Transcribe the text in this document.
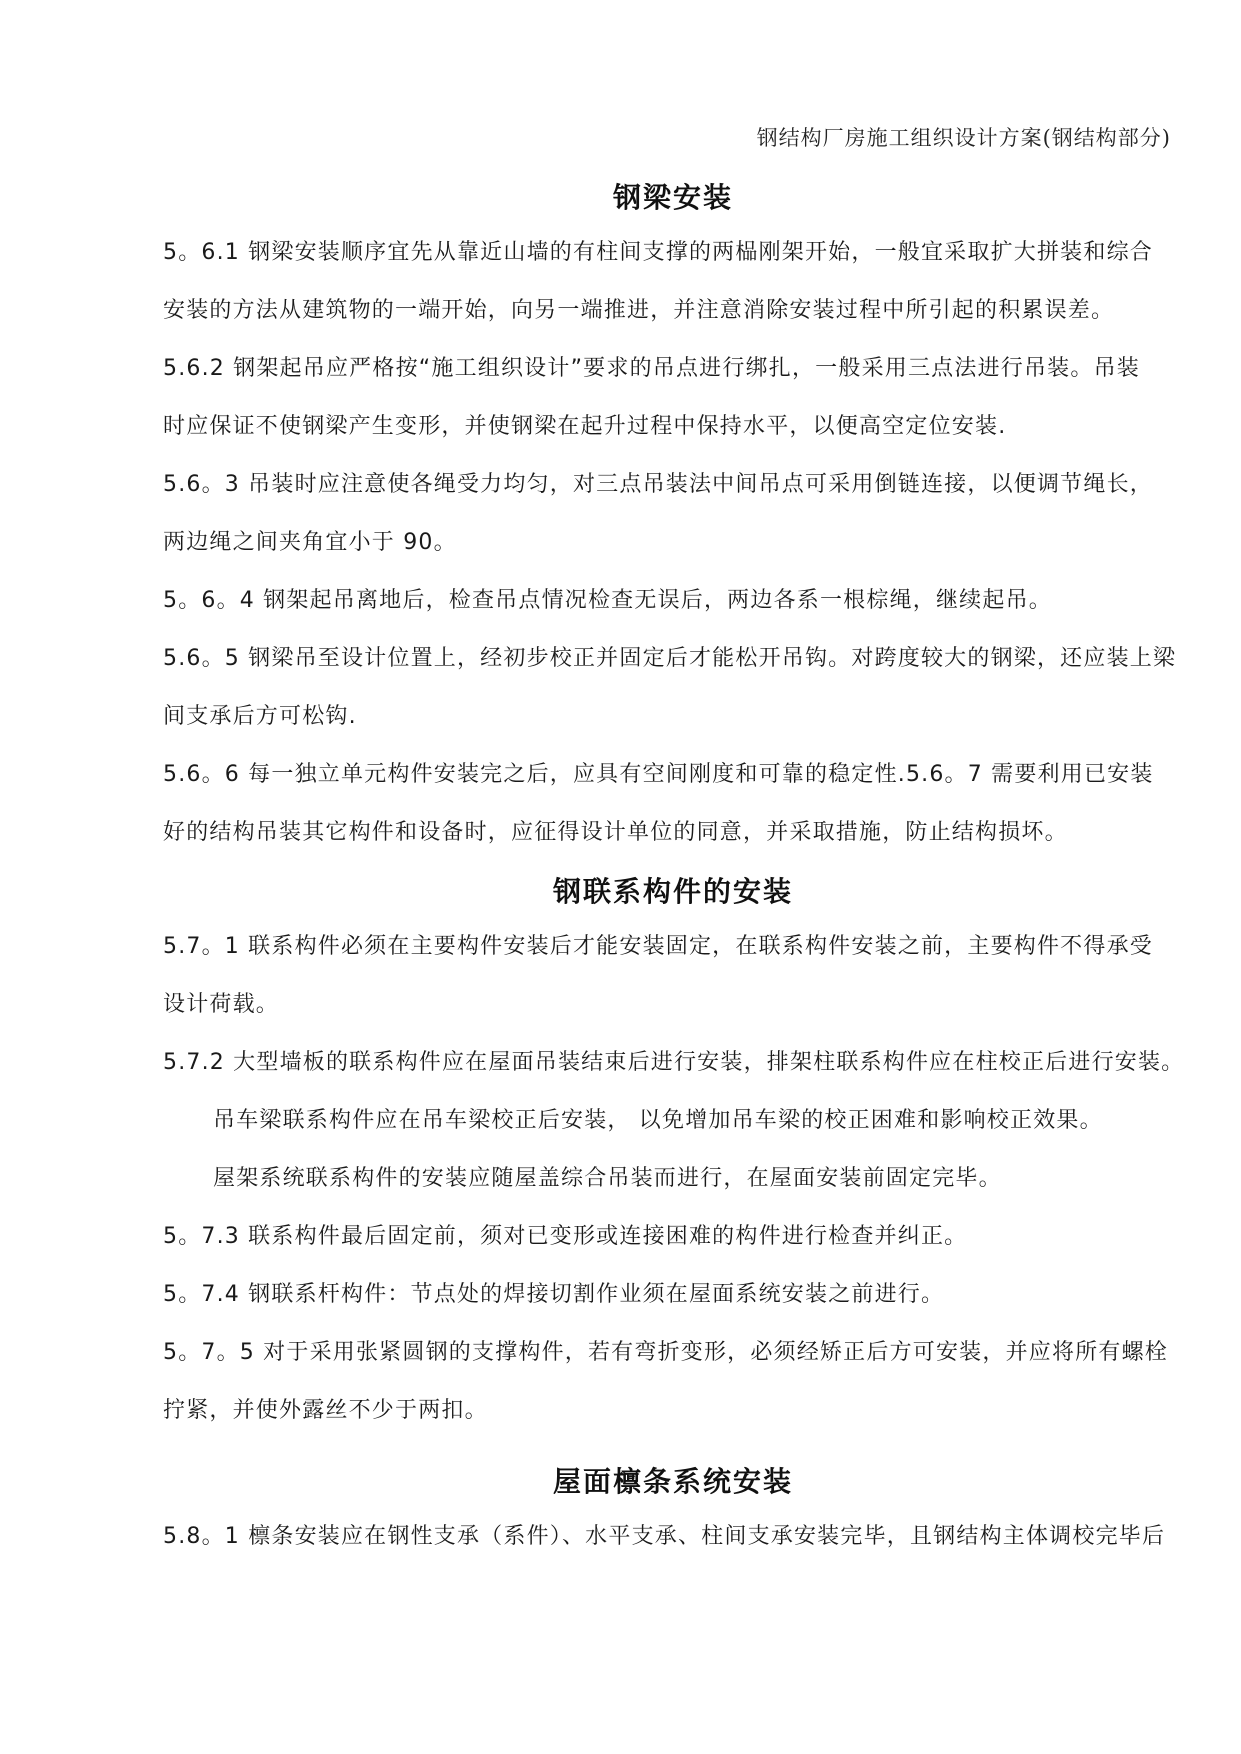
钢结构厂房施工组织设计方案(钢结构部分)
钢梁安装

5。6.1 钢梁安装顺序宜先从靠近山墙的有柱间支撑的两榀刚架开始，一般宜采取扩大拼装和综合

安装的方法从建筑物的一端开始，向另一端推进，并注意消除安装过程中所引起的积累误差。

5.6.2 钢架起吊应严格按“施工组织设计”要求的吊点进行绑扎，一般采用三点法进行吊装。吊装

时应保证不使钢梁产生变形，并使钢梁在起升过程中保持水平，以便高空定位安装.

5.6。3 吊装时应注意使各绳受力均匀，对三点吊装法中间吊点可采用倒链连接，以便调节绳长，

两边绳之间夹角宜小于 90。

5。6。4 钢架起吊离地后，检查吊点情况检查无误后，两边各系一根棕绳，继续起吊。

5.6。5 钢梁吊至设计位置上，经初步校正并固定后才能松开吊钩。对跨度较大的钢梁，还应装上梁

间支承后方可松钩.

5.6。6 每一独立单元构件安装完之后，应具有空间刚度和可靠的稳定性.5.6。7 需要利用已安装

好的结构吊装其它构件和设备时，应征得设计单位的同意，并采取措施，防止结构损坏。

钢联系构件的安装

5.7。1 联系构件必须在主要构件安装后才能安装固定，在联系构件安装之前，主要构件不得承受

设计荷载。

5.7.2 大型墙板的联系构件应在屋面吊装结束后进行安装，排架柱联系构件应在柱校正后进行安装。

吊车梁联系构件应在吊车梁校正后安装， 以免增加吊车梁的校正困难和影响校正效果。

屋架系统联系构件的安装应随屋盖综合吊装而进行，在屋面安装前固定完毕。

5。7.3 联系构件最后固定前，须对已变形或连接困难的构件进行检查并纠正。

5。7.4 钢联系杆构件：节点处的焊接切割作业须在屋面系统安装之前进行。

5。7。5 对于采用张紧圆钢的支撑构件，若有弯折变形，必须经矫正后方可安装，并应将所有螺栓

拧紧，并使外露丝不少于两扣。

屋面檩条系统安装

5.8。1 檩条安装应在钢性支承（系件）、水平支承、柱间支承安装完毕，且钢结构主体调校完毕后
